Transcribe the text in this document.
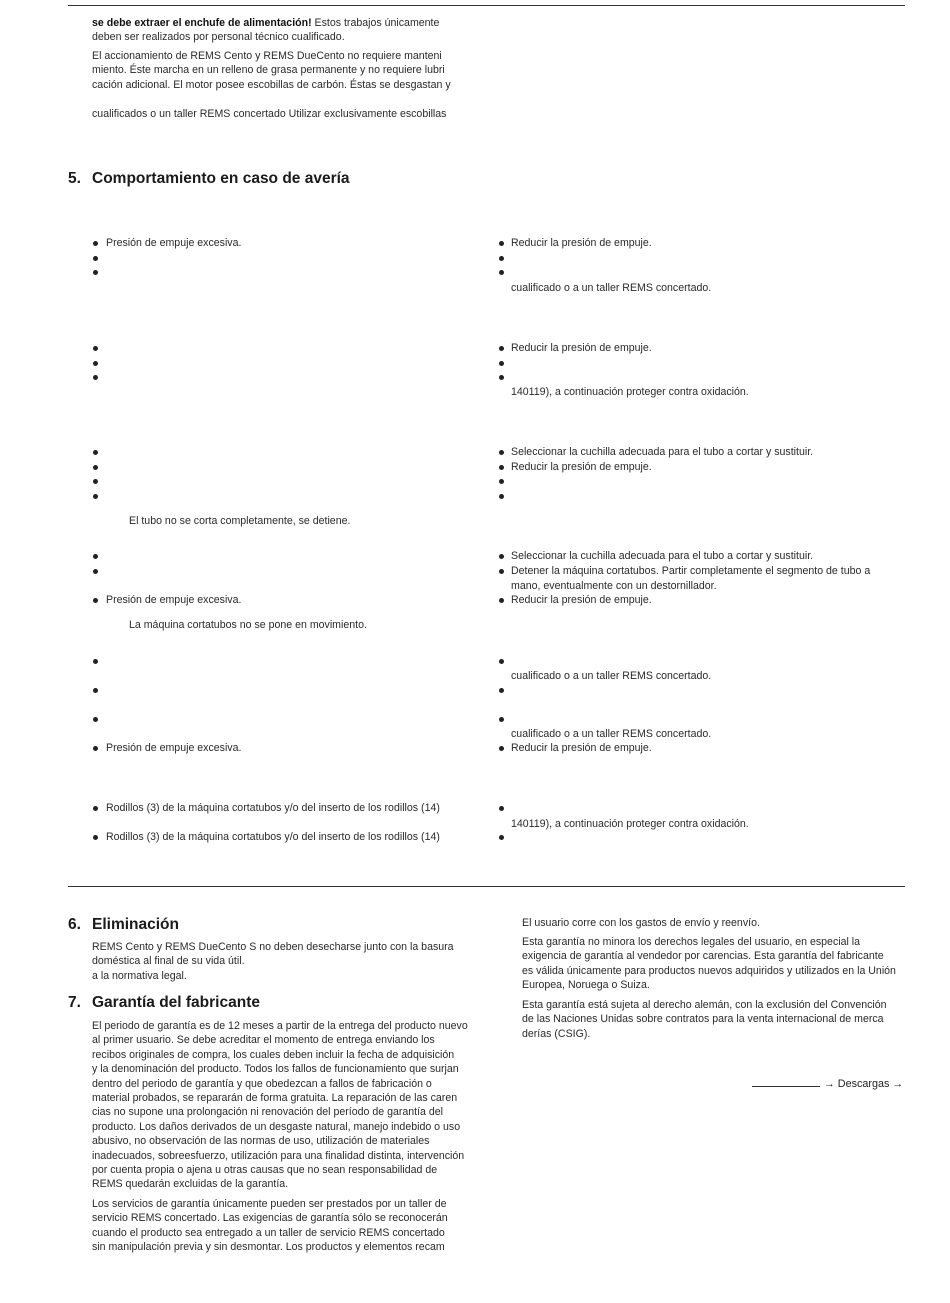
se debe extraer el enchufe de alimentación! Estos trabajos únicamente
deben ser realizados por personal técnico cualificado.
El accionamiento de REMS Cento y REMS DueCento no requiere manteni
miento. Éste marcha en un relleno de grasa permanente y no requiere lubri
cación adicional. El motor posee escobillas de carbón. Éstas se desgastan y
cualificados o un taller REMS concertado Utilizar exclusivamente escobillas
5. Comportamiento en caso de avería
Presión de empuje excesiva.	Reducir la presión de empuje.
cualificado o a un taller REMS concertado.
Reducir la presión de empuje.
140119), a continuación proteger contra oxidación.
Seleccionar la cuchilla adecuada para el tubo a cortar y sustituir.
Reducir la presión de empuje.
El tubo no se corta completamente, se detiene.
Presión de empuje excesiva.
Seleccionar la cuchilla adecuada para el tubo a cortar y sustituir.
Detener la máquina cortatubos. Partir completamente el segmento de tubo a
mano, eventualmente con un destornillador.
Reducir la presión de empuje.
La máquina cortatubos no se pone en movimiento.
Presión de empuje excesiva.
cualificado o a un taller REMS concertado.
cualificado o a un taller REMS concertado.
Reducir la presión de empuje.
Rodillos (3) de la máquina cortatubos y/o del inserto de los rodillos (14)
Rodillos (3) de la máquina cortatubos y/o del inserto de los rodillos (14)
140119), a continuación proteger contra oxidación.
6. Eliminación
REMS Cento y REMS DueCento S no deben desecharse junto con la basura
doméstica al final de su vida útil.
a la normativa legal.
7. Garantía del fabricante
El periodo de garantía es de 12 meses a partir de la entrega del producto nuevo
al primer usuario. Se debe acreditar el momento de entrega enviando los
recibos originales de compra, los cuales deben incluir la fecha de adquisición
y la denominación del producto. Todos los fallos de funcionamiento que surjan
dentro del periodo de garantía y que obedezcan a fallos de fabricación o
material probados, se repararán de forma gratuita. La reparación de las caren
cias no supone una prolongación ni renovación del período de garantía del
producto. Los daños derivados de un desgaste natural, manejo indebido o uso
abusivo, no observación de las normas de uso, utilización de materiales
inadecuados, sobreesfuerzo, utilización para una finalidad distinta, intervención
por cuenta propia o ajena u otras causas que no sean responsabilidad de
REMS quedarán excluidas de la garantía.
Los servicios de garantía únicamente pueden ser prestados por un taller de
servicio REMS concertado. Las exigencias de garantía sólo se reconocerán
cuando el producto sea entregado a un taller de servicio REMS concertado
sin manipulación previa y sin desmontar. Los productos y elementos recam
El usuario corre con los gastos de envío y reenvío.
Esta garantía no minora los derechos legales del usuario, en especial la
exigencia de garantía al vendedor por carencias. Esta garantía del fabricante
es válida únicamente para productos nuevos adquiridos y utilizados en la Unión
Europea, Noruega o Suiza.
Esta garantía está sujeta al derecho alemán, con la exclusión del Convención
de las Naciones Unidas sobre contratos para la venta internacional de merca
derías (CSIG).
→ Descargas →
